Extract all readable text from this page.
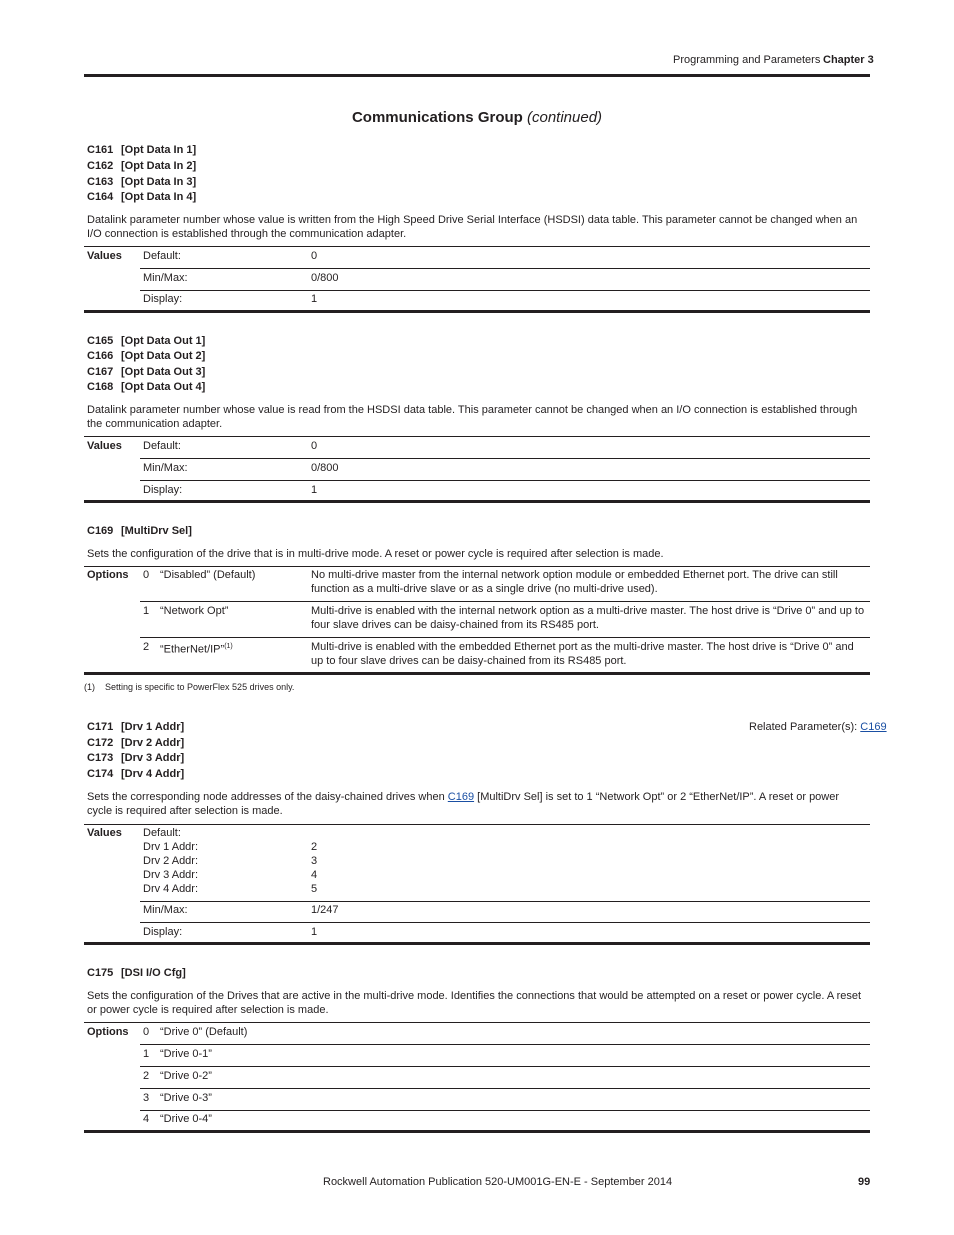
Programming and Parameters Chapter 3
Communications Group (continued)
C161 [Opt Data In 1]
C162 [Opt Data In 2]
C163 [Opt Data In 3]
C164 [Opt Data In 4]
Datalink parameter number whose value is written from the High Speed Drive Serial Interface (HSDSI) data table. This parameter cannot be changed when an I/O connection is established through the communication adapter.
Values Default:	0
Min/Max:	0/800
Display:	1
C165 [Opt Data Out 1]
C166 [Opt Data Out 2]
C167 [Opt Data Out 3]
C168 [Opt Data Out 4]
Datalink parameter number whose value is read from the HSDSI data table. This parameter cannot be changed when an I/O connection is established through the communication adapter.
Values Default:	0
Min/Max:	0/800
Display:	1
C169 [MultiDrv Sel]
Sets the configuration of the drive that is in multi-drive mode. A reset or power cycle is required after selection is made.
Options 0 “Disabled” (Default)	No multi-drive master from the internal network option module or embedded Ethernet port. The drive can still function as a multi-drive slave or as a single drive (no multi-drive used).
1 “Network Opt”	Multi-drive is enabled with the internal network option as a multi-drive master. The host drive is “Drive 0” and up to four slave drives can be daisy-chained from its RS485 port.
2 “EtherNet/IP”$^{(1)}$	Multi-drive is enabled with the embedded Ethernet port as the multi-drive master. The host drive is “Drive 0” and up to four slave drives can be daisy-chained from its RS485 port.
(1)    Setting is specific to PowerFlex 525 drives only.
C171 [Drv 1 Addr]
C172 [Drv 2 Addr]
C173 [Drv 3 Addr]
C174 [Drv 4 Addr]
Related Parameter(s): C169
Sets the corresponding node addresses of the daisy-chained drives when C169 [MultiDrv Sel] is set to 1 “Network Opt” or 2 “EtherNet/IP”. A reset or power cycle is required after selection is made.
Values Default:
Drv 1 Addr:	2
Drv 2 Addr:	3
Drv 3 Addr:	4
Drv 4 Addr:	5
Min/Max:	1/247
Display:	1
C175 [DSI I/O Cfg]
Sets the configuration of the Drives that are active in the multi-drive mode. Identifies the connections that would be attempted on a reset or power cycle. A reset or power cycle is required after selection is made.
Options 0 “Drive 0” (Default)
1 “Drive 0-1”
2 “Drive 0-2”
3 “Drive 0-3”
4 “Drive 0-4”
Rockwell Automation Publication 520-UM001G-EN-E - September 2014	99
